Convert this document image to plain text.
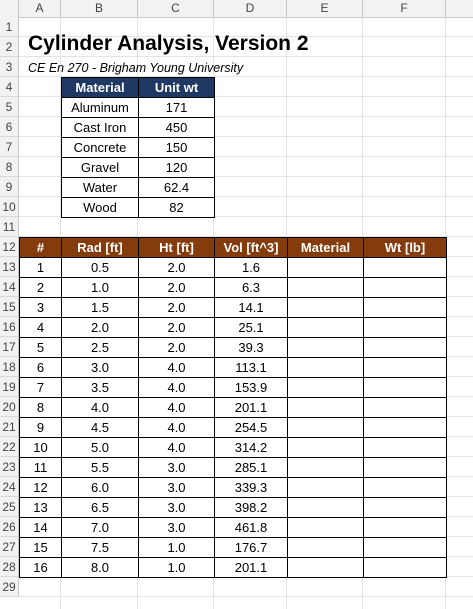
A	B	C	D	E	F
1
2
3
4
5
6
7
8
9
10
11
12
13
14
15
16
17
18
19
20
21
22
23
24
25
26
27
28
29
Cylinder Analysis, Version 2
CE En 270 - Brigham Young University
Material	Unit wt
Aluminum	171
Cast Iron	450
Concrete	150
Gravel	120
Water	62.4
Wood	82
#	Rad [ft]	Ht [ft]	Vol [ft^3]	Material	Wt [lb]
1	0.5	2.0	1.6
2	1.0	2.0	6.3
3	1.5	2.0	14.1
4	2.0	2.0	25.1
5	2.5	2.0	39.3
6	3.0	4.0	113.1
7	3.5	4.0	153.9
8	4.0	4.0	201.1
9	4.5	4.0	254.5
10	5.0	4.0	314.2
11	5.5	3.0	285.1
12	6.0	3.0	339.3
13	6.5	3.0	398.2
14	7.0	3.0	461.8
15	7.5	1.0	176.7
16	8.0	1.0	201.1
